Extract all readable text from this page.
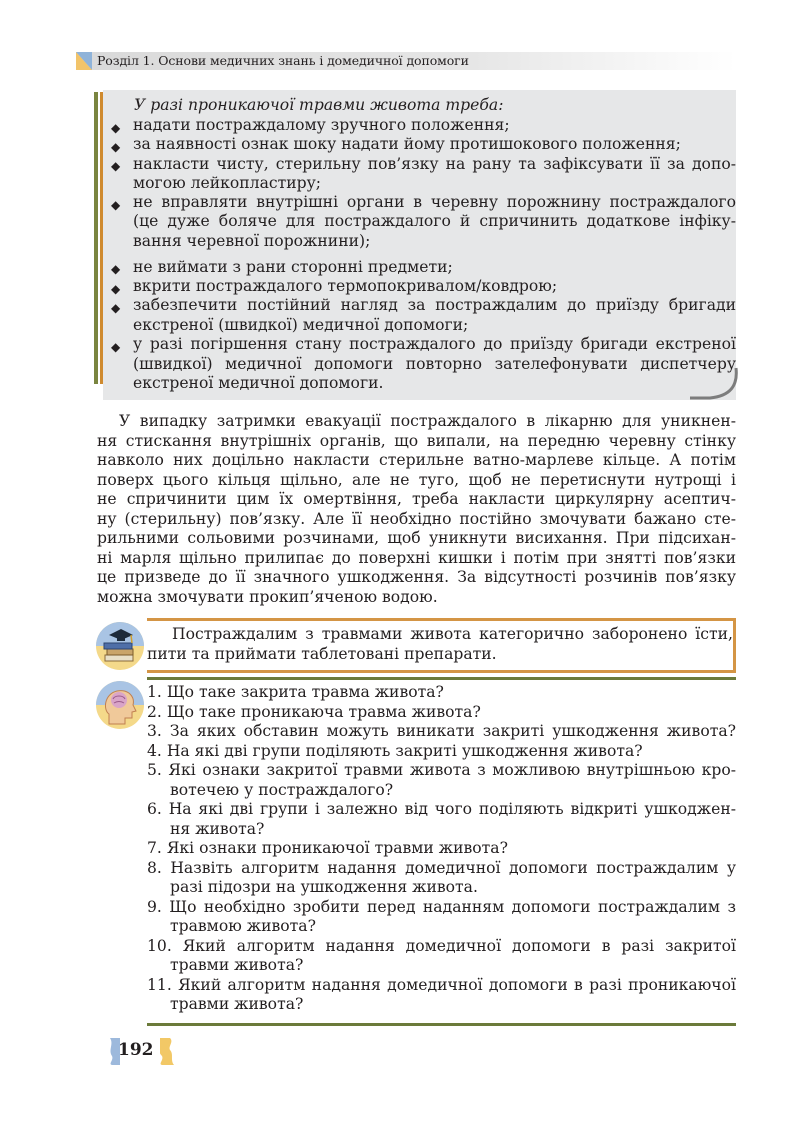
Розділ 1. Основи медичних знань і домедичної допомоги
У разі проникаючої травми живота треба:
◆
◆
◆
◆
◆
◆
◆
◆
надати постраждалому зручного положення;
за наявності ознак шоку надати йому протишокового положення;
накласти чисту, стерильну пов’язку на рану та зафіксувати її за допо-
могою лейкопластиру;
не вправляти внутрішні органи в черевну порожнину постраждалого
(це дуже боляче для постраждалого й спричинить додаткове інфіку-
вання черевної порожнини);
не виймати з рани сторонні предмети;
вкрити постраждалого термопокривалом/ковдрою;
забезпечити постійний нагляд за постраждалим до приїзду бригади
екстреної (швидкої) медичної допомоги;
у разі погіршення стану постраждалого до приїзду бригади екстреної
(швидкої) медичної допомоги повторно зателефонувати диспетчеру
екстреної медичної допомоги.
У випадку затримки евакуації постраждалого в лікарню для уникнен-
ня стискання внутрішніх органів, що випали, на передню черевну стінку
навколо них доцільно накласти стерильне ватно-марлеве кільце. А потім
поверх цього кільця щільно, але не туго, щоб не перетиснути нутрощі і
не спричинити цим їх омертвіння, треба накласти циркулярну асептич-
ну (стерильну) пов’язку. Але її необхідно постійно змочувати бажано сте-
рильними сольовими розчинами, щоб уникнути висихання. При підсихан-
ні марля щільно прилипає до поверхні кишки і потім при знятті пов’язки
це призведе до її значного ушкодження. За відсутності розчинів пов’язку
можна змочувати прокип’яченою водою.
Постраждалим з травмами живота категорично заборонено їсти,
пити та приймати таблетовані препарати.
1. Що таке закрита травма живота?
2. Що таке проникаюча травма живота?
3. За яких обставин можуть виникати закриті ушкодження живота?
4. На які дві групи поділяють закриті ушкодження живота?
5. Які ознаки закритої травми живота з можливою внутрішньою кро-
вотечею у постраждалого?
6. На які дві групи і залежно від чого поділяють відкриті ушкоджен-
ня живота?
7. Які ознаки проникаючої травми живота?
8. Назвіть алгоритм надання домедичної допомоги постраждалим у
разі підозри на ушкодження живота.
9. Що необхідно зробити перед наданням допомоги постраждалим з
травмою живота?
10. Який алгоритм надання домедичної допомоги в разі закритої
травми живота?
11. Який алгоритм надання домедичної допомоги в разі проникаючої
травми живота?
192
